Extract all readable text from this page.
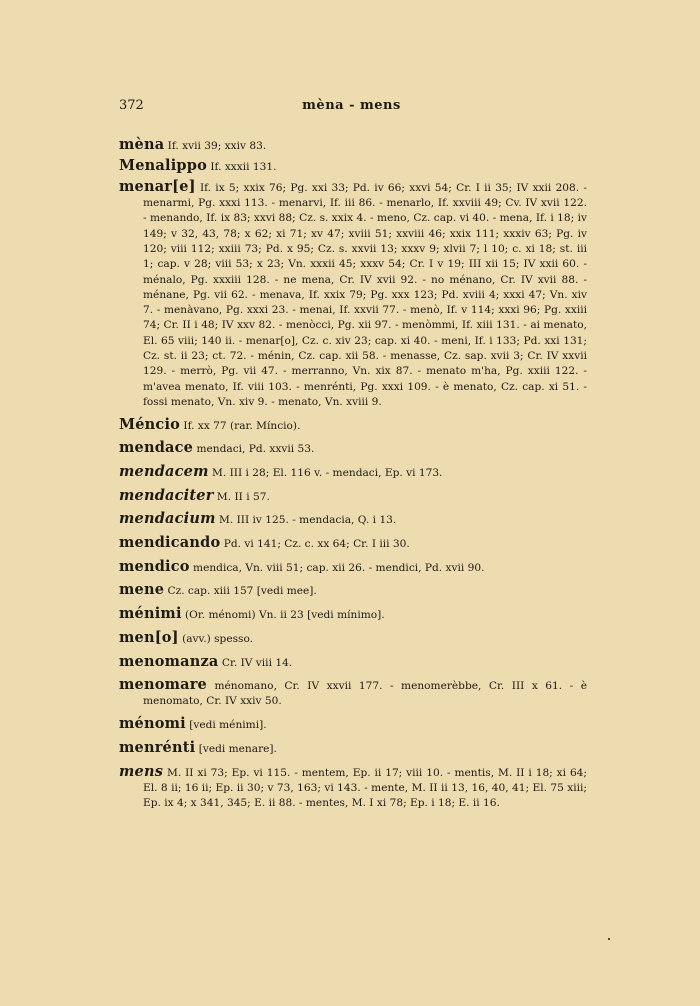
372	mèna - mens
mèna If. xvii 39; xxiv 83.
Menalippo If. xxxii 131.
menar[e] If. ix 5; xxix 76; Pg. xxi 33; Pd. iv 66; xxvi 54; Cr. I ii 35; IV xxii 208. - menarmi, Pg. xxxi 113. - menarvi, If. iii 86. - menarlo, If. xxviii 49; Cv. IV xvii 122. - menando, If. ix 83; xxvi 88; Cz. s. xxix 4. - meno, Cz. cap. vi 40. - mena, If. i 18; iv 149; v 32, 43, 78; x 62; xi 71; xv 47; xviii 51; xxviii 46; xxix 111; xxxiv 63; Pg. iv 120; viii 112; xxiii 73; Pd. x 95; Cz. s. xxvii 13; xxxv 9; xlvii 7; l 10; c. xi 18; st. iii 1; cap. v 28; viii 53; x 23; Vn. xxxii 45; xxxv 54; Cr. I v 19; III xii 15; IV xxii 60. - ménalo, Pg. xxxiii 128. - ne mena, Cr. IV xvii 92. - no ménano, Cr. IV xvii 88. - ménane, Pg. vii 62. - menava, If. xxix 79; Pg. xxx 123; Pd. xviii 4; xxxi 47; Vn. xiv 7. - menàvano, Pg. xxxi 23. - menai, If. xxvii 77. - menò, If. v 114; xxxi 96; Pg. xxiii 74; Cr. II i 48; IV xxv 82. - menòcci, Pg. xii 97. - menòmmi, If. xiii 131. - ai menato, El. 65 viii; 140 ii. - menar[o], Cz. c. xiv 23; cap. xi 40. - meni, If. i 133; Pd. xxi 131; Cz. st. ii 23; ct. 72. - ménin, Cz. cap. xii 58. - menasse, Cz. sap. xvii 3; Cr. IV xxvii 129. - merrò, Pg. vii 47. - merranno, Vn. xix 87. - menato m'ha, Pg. xxiii 122. - m'avea menato, If. viii 103. - menrénti, Pg. xxxi 109. - è menato, Cz. cap. xi 51. - fossi menato, Vn. xiv 9. - menato, Vn. xviii 9.
Méncio If. xx 77 (rar. Míncio).
mendace mendaci, Pd. xxvii 53.
mendacem M. III i 28; El. 116 v. - mendaci, Ep. vi 173.
mendaciter M. II i 57.
mendacium M. III iv 125. - mendacia, Q. i 13.
mendicando Pd. vi 141; Cz. c. xx 64; Cr. I iii 30.
mendico mendica, Vn. viii 51; cap. xii 26. - mendici, Pd. xvii 90.
mene Cz. cap. xiii 157 [vedi mee].
ménimi (Or. ménomi) Vn. ii 23 [vedi mínimo].
men[o] (avv.) spesso.
menomanza Cr. IV viii 14.
menomare ménomano, Cr. IV xxvii 177. - menomerèbbe, Cr. III x 61. - è menomato, Cr. IV xxiv 50.
ménomi [vedi ménimi].
menrénti [vedi menare].
mens M. II xi 73; Ep. vi 115. - mentem, Ep. ii 17; viii 10. - mentis, M. II i 18; xi 64; El. 8 ii; 16 ii; Ep. ii 30; v 73, 163; vi 143. - mente, M. II ii 13, 16, 40, 41; El. 75 xiii; Ep. ix 4; x 341, 345; E. ii 88. - mentes, M. I xi 78; Ep. i 18; E. ii 16.
